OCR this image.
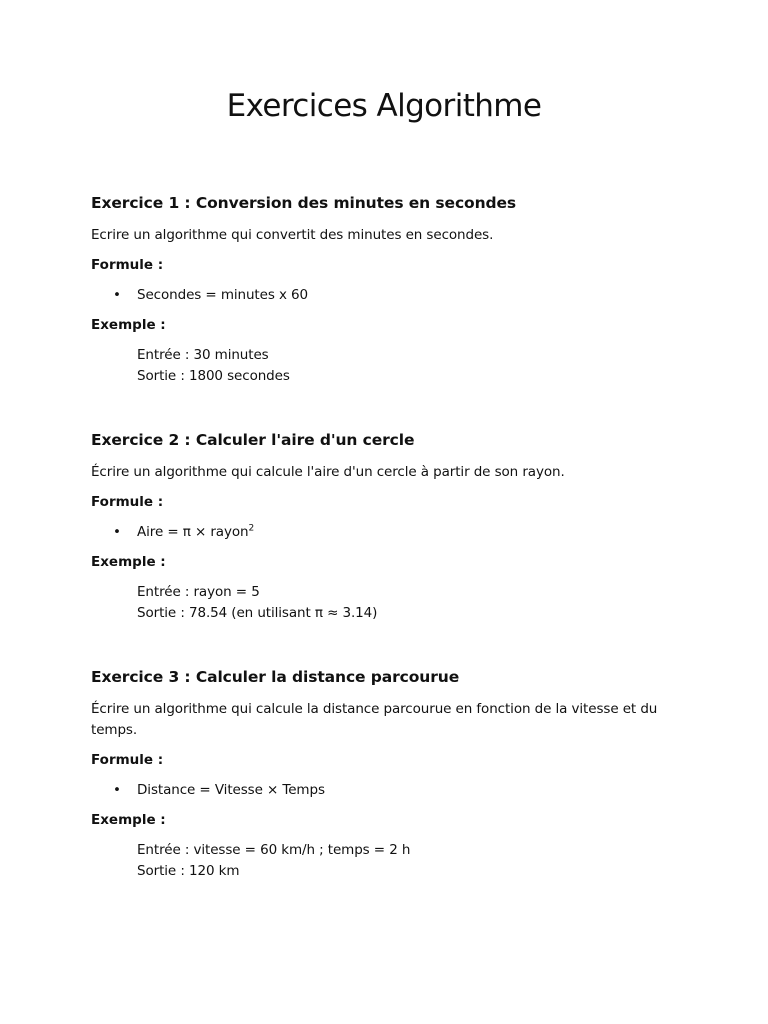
Exercices Algorithme
Exercice 1 : Conversion des minutes en secondes
Ecrire un algorithme qui convertit des minutes en secondes.
Formule :
• Secondes = minutes x 60
Exemple :
Entrée : 30 minutes
Sortie : 1800 secondes
Exercice 2 : Calculer l'aire d'un cercle
Écrire un algorithme qui calcule l'aire d'un cercle à partir de son rayon.
Formule :
• Aire = π × rayon$^2$
Exemple :
Entrée : rayon = 5
Sortie : 78.54 (en utilisant π ≈ 3.14)
Exercice 3 : Calculer la distance parcourue
Écrire un algorithme qui calcule la distance parcourue en fonction de la vitesse et du temps.
Formule :
• Distance = Vitesse × Temps
Exemple :
Entrée : vitesse = 60 km/h ; temps = 2 h
Sortie : 120 km
